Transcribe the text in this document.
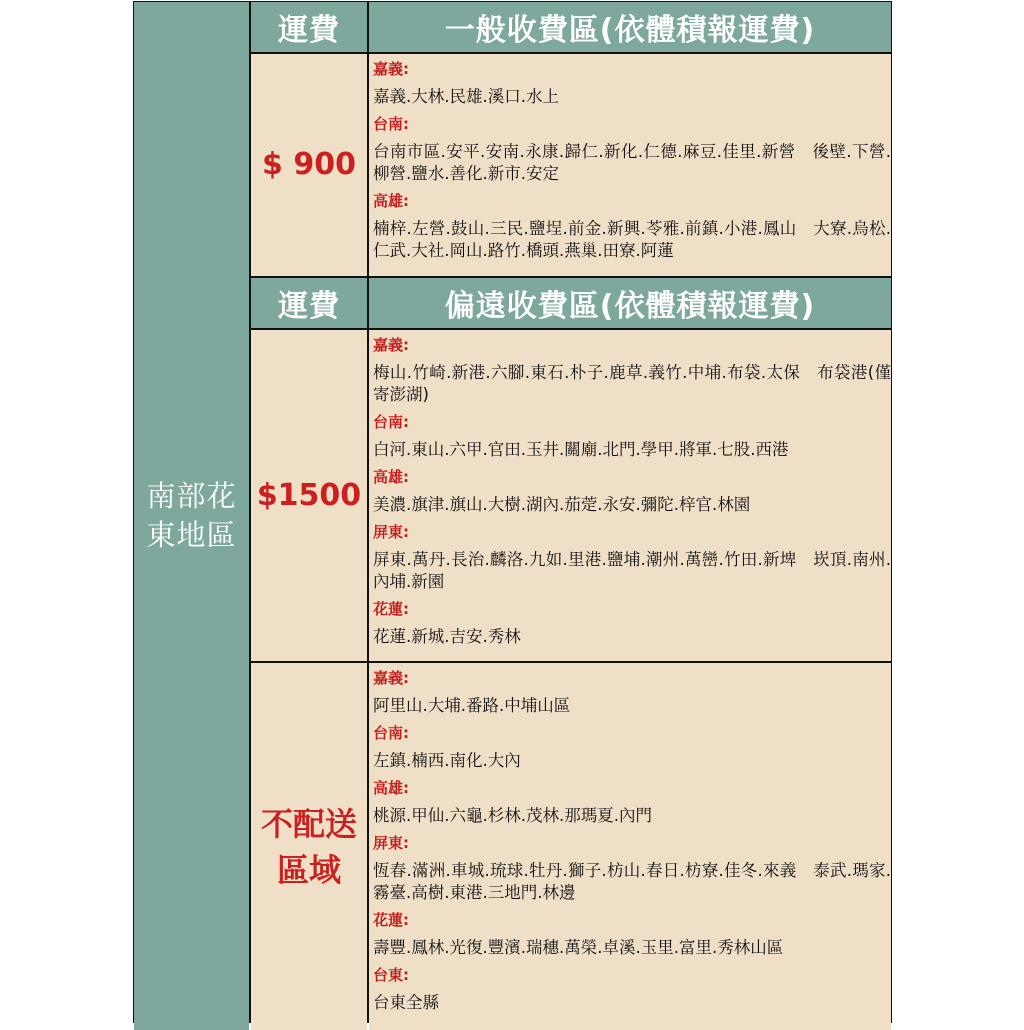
南部花東地區
運費	一般收費區(依體積報運費)
$ 900
嘉義:
嘉義.大林.民雄.溪口.水上
台南:
台南市區.安平.安南.永康.歸仁.新化.仁德.麻豆.佳里.新營　後壁.下營.柳營.鹽水.善化.新市.安定
高雄:
楠梓.左營.鼓山.三民.鹽埕.前金.新興.苓雅.前鎮.小港.鳳山　大寮.烏松.仁武.大社.岡山.路竹.橋頭.燕巢.田寮.阿蓮
運費	偏遠收費區(依體積報運費)
$1500
嘉義:
梅山.竹崎.新港.六腳.東石.朴子.鹿草.義竹.中埔.布袋.太保　布袋港(僅寄澎湖)
台南:
白河.東山.六甲.官田.玉井.關廟.北門.學甲.將軍.七股.西港
高雄:
美濃.旗津.旗山.大樹.湖內.茄萣.永安.彌陀.梓官.林園
屏東:
屏東.萬丹.長治.麟洛.九如.里港.鹽埔.潮州.萬巒.竹田.新埤　崁頂.南州.內埔.新園
花蓮:
花蓮.新城.吉安.秀林
不配送區域
嘉義:
阿里山.大埔.番路.中埔山區
台南:
左鎮.楠西.南化.大內
高雄:
桃源.甲仙.六龜.杉林.茂林.那瑪夏.內門
屏東:
恆春.滿洲.車城.琉球.牡丹.獅子.枋山.春日.枋寮.佳冬.來義　泰武.瑪家.霧臺.高樹.東港.三地門.林邊
花蓮:
壽豐.鳳林.光復.豐濱.瑞穗.萬榮.卓溪.玉里.富里.秀林山區
台東:
台東全縣
